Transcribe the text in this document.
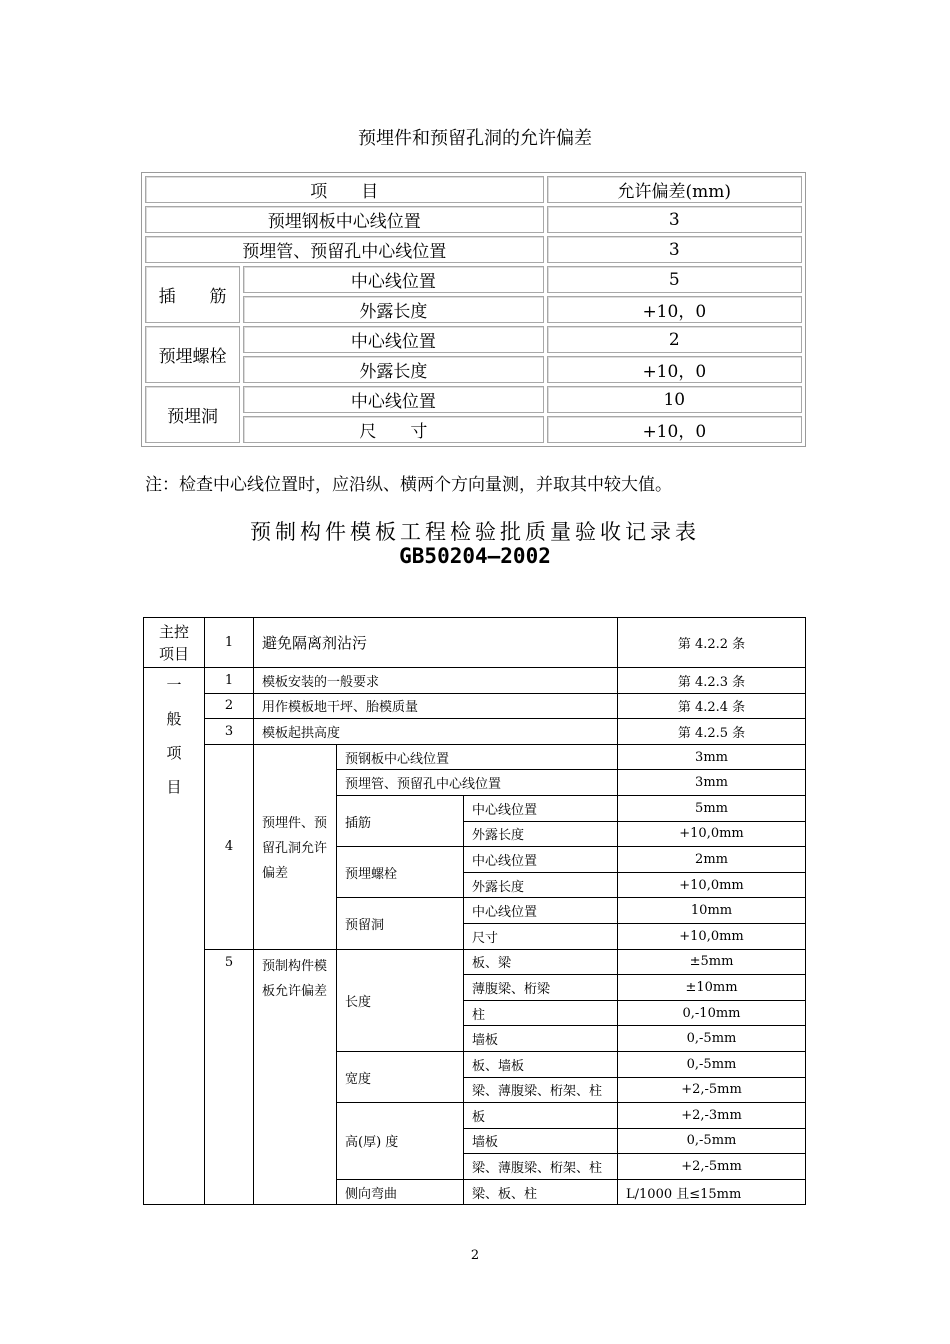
预埋件和预留孔洞的允许偏差
项　　目		允许偏差(mm)
预埋钢板中心线位置		3
预埋管、预留孔中心线位置		3
插　　筋	中心线位置	5
	外露长度	+10，0
预埋螺栓	中心线位置	2
	外露长度	+10，0
预埋洞	中心线位置	10
	尺　　寸	+10，0
注：检查中心线位置时，应沿纵、横两个方向量测，并取其中较大值。
预制构件模板工程检验批质量验收记录表
GB50204—2002
主控项目	1	避免隔离剂沾污			第 4.2.2 条

一般项目	1	模板安装的一般要求			第 4.2.3 条
	2	用作模板地干坪、胎模质量			第 4.2.4 条
	3	模板起拱高度			第 4.2.5 条
	4	预埋件、预留孔洞允许偏差	预钢板中心线位置		3mm
			预埋管、预留孔中心线位置		3mm
			插筋	中心线位置	5mm
				外露长度	+10,0mm
			预埋螺栓	中心线位置	2mm
				外露长度	+10,0mm
			预留洞	中心线位置	10mm
				尺寸	+10,0mm
	5	预制构件模板允许偏差	长度	板、梁	±5mm
				薄腹梁、桁梁	±10mm
				柱	0,-10mm
				墙板	0,-5mm
			宽度	板、墙板	0,-5mm
				梁、薄腹梁、桁架、柱	+2,-5mm
			高(厚) 度	板	+2,-3mm
				墙板	0,-5mm
				梁、薄腹梁、桁架、柱	+2,-5mm
			侧向弯曲	梁、板、柱	L/1000 且≤15mm
2
